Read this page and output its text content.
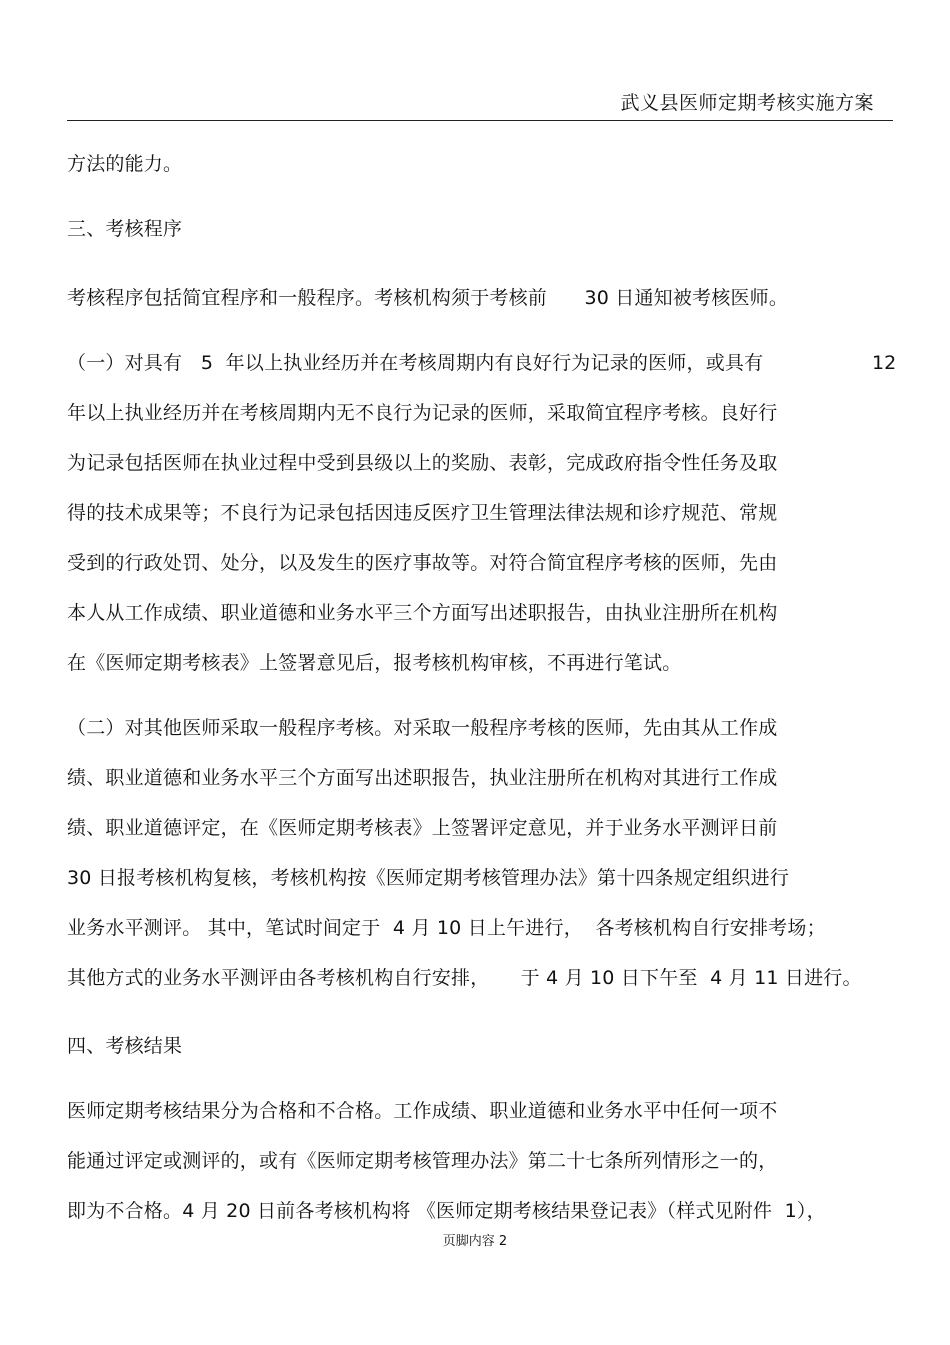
武义县医师定期考核实施方案
方法的能力。
三、考核程序
考核程序包括简宜程序和一般程序。考核机构须于考核前      30 日通知被考核医师。
（一）对具有   5  年以上执业经历并在考核周期内有良好行为记录的医师，或具有	12
年以上执业经历并在考核周期内无不良行为记录的医师，采取简宜程序考核。良好行
为记录包括医师在执业过程中受到县级以上的奖励、表彰，完成政府指令性任务及取
得的技术成果等；不良行为记录包括因违反医疗卫生管理法律法规和诊疗规范、常规
受到的行政处罚、处分，以及发生的医疗事故等。对符合简宜程序考核的医师，先由
本人从工作成绩、职业道德和业务水平三个方面写出述职报告，由执业注册所在机构
在《医师定期考核表》上签署意见后，报考核机构审核，不再进行笔试。
（二）对其他医师采取一般程序考核。对采取一般程序考核的医师，先由其从工作成
绩、职业道德和业务水平三个方面写出述职报告，执业注册所在机构对其进行工作成
绩、职业道德评定，在《医师定期考核表》上签署评定意见，并于业务水平测评日前
30 日报考核机构复核，考核机构按《医师定期考核管理办法》第十四条规定组织进行
业务水平测评。 其中，笔试时间定于  4 月 10 日上午进行，  各考核机构自行安排考场；
其他方式的业务水平测评由各考核机构自行安排，     于 4 月 10 日下午至  4 月 11 日进行。
四、考核结果
医师定期考核结果分为合格和不合格。工作成绩、职业道德和业务水平中任何一项不
能通过评定或测评的，或有《医师定期考核管理办法》第二十七条所列情形之一的，
即为不合格。4 月 20 日前各考核机构将 《医师定期考核结果登记表》（样式见附件  1），
页脚内容 2
